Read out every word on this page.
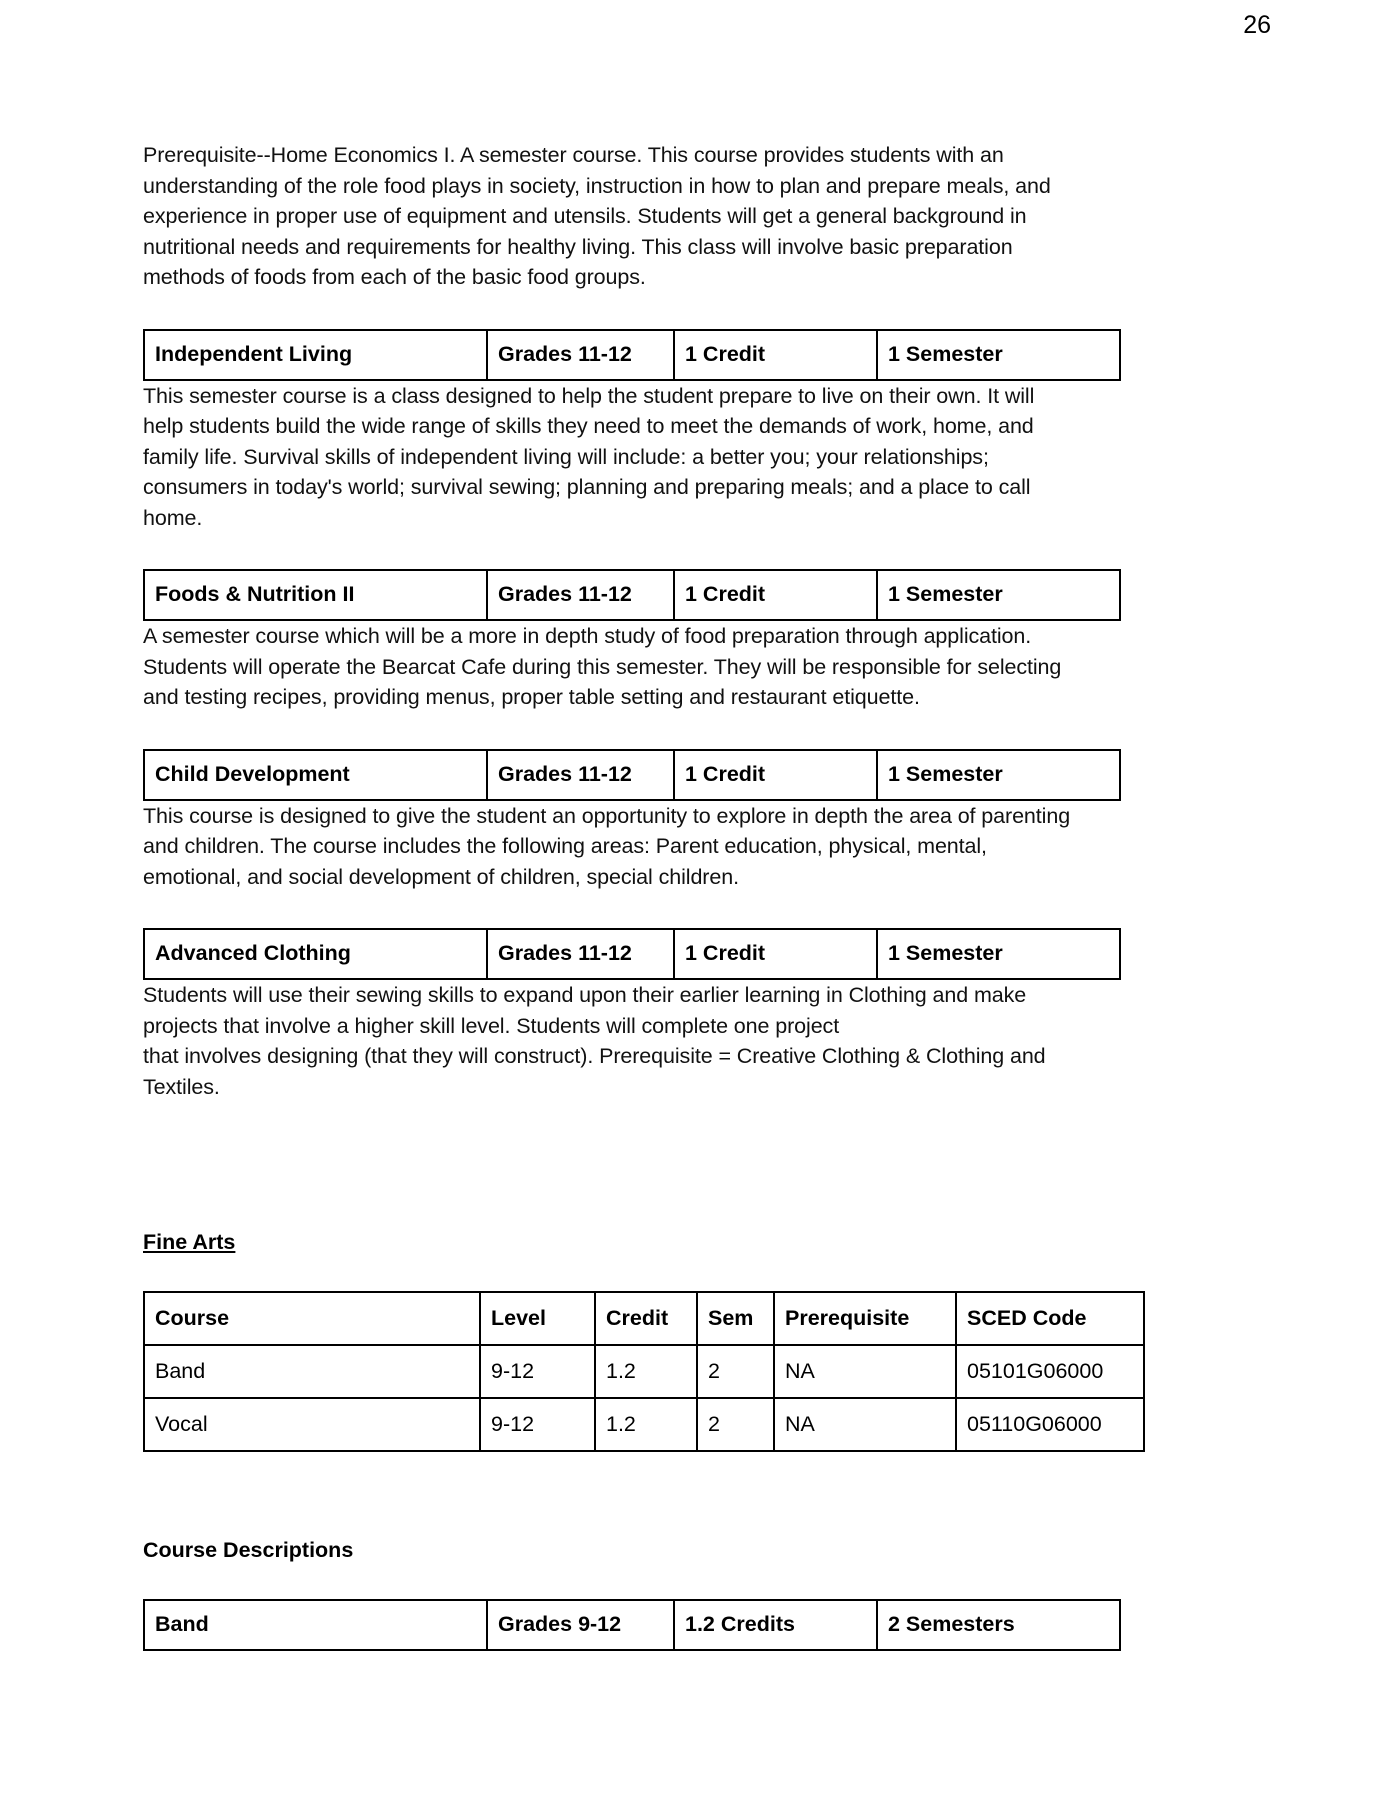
26

Prerequisite--Home Economics I. A semester course. This course provides students with an understanding of the role food plays in society, instruction in how to plan and prepare meals, and experience in proper use of equipment and utensils. Students will get a general background in nutritional needs and requirements for healthy living. This class will involve basic preparation methods of foods from each of the basic food groups.

Independent Living	Grades 11-12	1 Credit	1 Semester

This semester course is a class designed to help the student prepare to live on their own. It will help students build the wide range of skills they need to meet the demands of work, home, and family life. Survival skills of independent living will include: a better you; your relationships; consumers in today's world; survival sewing; planning and preparing meals; and a place to call home.

Foods & Nutrition II	Grades 11-12	1 Credit	1 Semester

A semester course which will be a more in depth study of food preparation through application. Students will operate the Bearcat Cafe during this semester. They will be responsible for selecting and testing recipes, providing menus, proper table setting and restaurant etiquette.

Child Development	Grades 11-12	1 Credit	1 Semester

This course is designed to give the student an opportunity to explore in depth the area of parenting and children. The course includes the following areas: Parent education, physical, mental, emotional, and social development of children, special children.

Advanced Clothing	Grades 11-12	1 Credit	1 Semester

Students will use their sewing skills to expand upon their earlier learning in Clothing and make projects that involve a higher skill level. Students will complete one project

that involves designing (that they will construct). Prerequisite = Creative Clothing & Clothing and Textiles.

Fine Arts
Course	Level	Credit	Sem	Prerequisite	SCED Code
Band	9-12	1.2	2	NA	05101G06000
Vocal	9-12	1.2	2	NA	05110G06000
Course Descriptions
Band	Grades 9-12	1.2 Credits	2 Semesters
